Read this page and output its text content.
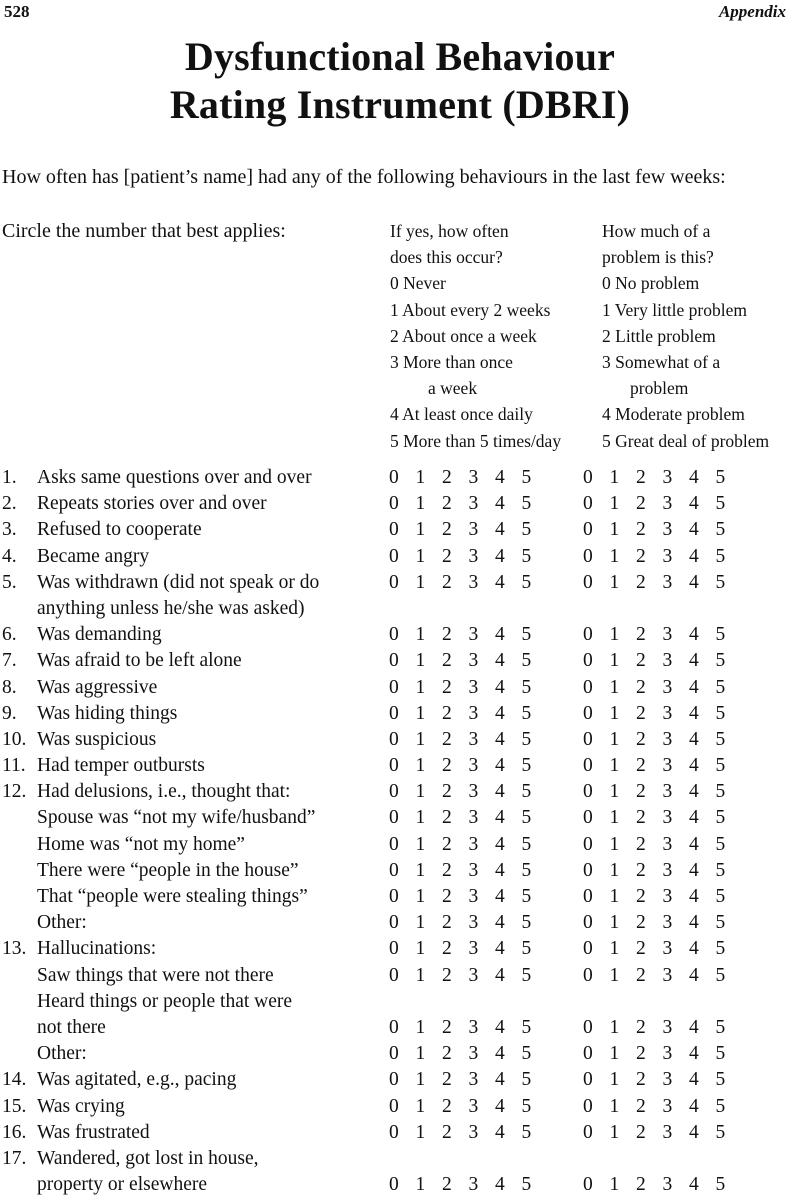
528	Appendix
Dysfunctional Behaviour
Rating Instrument (DBRI)
How often has [patient’s name] had any of the following behaviours in the last few weeks:
Circle the number that best applies:	If yes, how often
does this occur?
0 Never
1 About every 2 weeks
2 About once a week
3 More than once
a week
4 At least once daily
5 More than 5 times/day
How much of a
problem is this?
0 No problem
1 Very little problem
2 Little problem
3 Somewhat of a
problem
4 Moderate problem
5 Great deal of problem
1. Asks same questions over and over	0 1 2 3 4 5	0 1 2 3 4 5
2. Repeats stories over and over	0 1 2 3 4 5	0 1 2 3 4 5
3. Refused to cooperate	0 1 2 3 4 5	0 1 2 3 4 5
4. Became angry	0 1 2 3 4 5	0 1 2 3 4 5
5. Was withdrawn (did not speak or do	0 1 2 3 4 5	0 1 2 3 4 5
anything unless he/she was asked)
6. Was demanding	0 1 2 3 4 5	0 1 2 3 4 5
7. Was afraid to be left alone	0 1 2 3 4 5	0 1 2 3 4 5
8. Was aggressive	0 1 2 3 4 5	0 1 2 3 4 5
9. Was hiding things	0 1 2 3 4 5	0 1 2 3 4 5
10. Was suspicious	0 1 2 3 4 5	0 1 2 3 4 5
11. Had temper outbursts	0 1 2 3 4 5	0 1 2 3 4 5
12. Had delusions, i.e., thought that:	0 1 2 3 4 5	0 1 2 3 4 5
Spouse was “not my wife/husband”	0 1 2 3 4 5	0 1 2 3 4 5
Home was “not my home”	0 1 2 3 4 5	0 1 2 3 4 5
There were “people in the house”	0 1 2 3 4 5	0 1 2 3 4 5
That “people were stealing things”	0 1 2 3 4 5	0 1 2 3 4 5
Other:	0 1 2 3 4 5	0 1 2 3 4 5
13. Hallucinations:	0 1 2 3 4 5	0 1 2 3 4 5
Saw things that were not there	0 1 2 3 4 5	0 1 2 3 4 5
Heard things or people that were
not there	0 1 2 3 4 5	0 1 2 3 4 5
Other:	0 1 2 3 4 5	0 1 2 3 4 5
14. Was agitated, e.g., pacing	0 1 2 3 4 5	0 1 2 3 4 5
15. Was crying	0 1 2 3 4 5	0 1 2 3 4 5
16. Was frustrated	0 1 2 3 4 5	0 1 2 3 4 5
17. Wandered, got lost in house,
property or elsewhere	0 1 2 3 4 5	0 1 2 3 4 5
